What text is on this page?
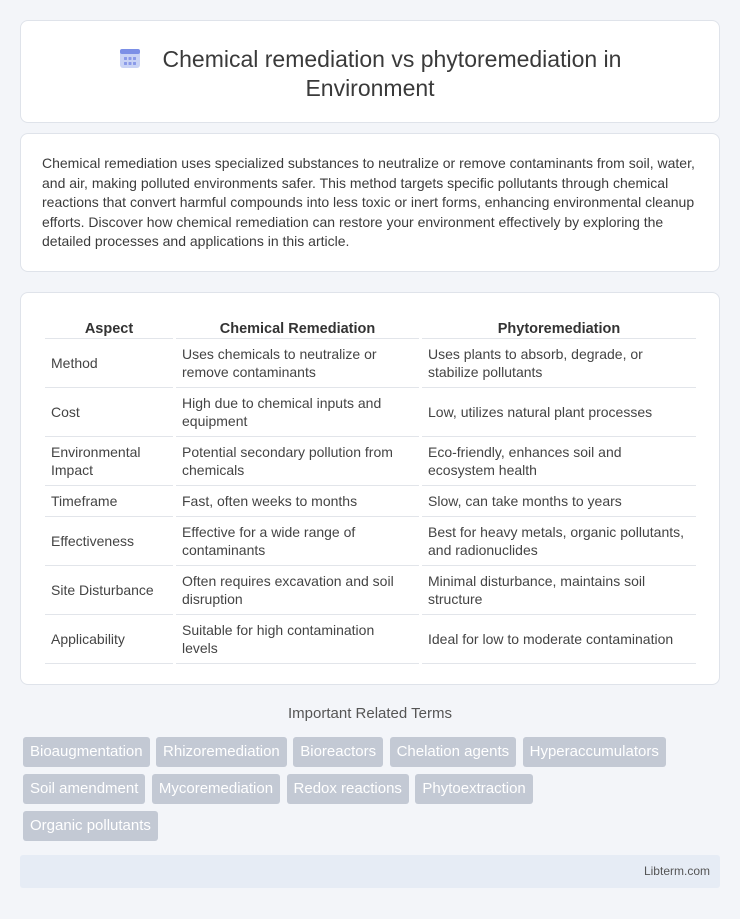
Chemical remediation vs phytoremediation in
Environment

Chemical remediation uses specialized substances to neutralize or remove contaminants from soil, water, and air, making polluted environments safer. This method targets specific pollutants through chemical reactions that convert harmful compounds into less toxic or inert forms, enhancing environmental cleanup efforts. Discover how chemical remediation can restore your environment effectively by exploring the detailed processes and applications in this article.

Aspect	Chemical Remediation	Phytoremediation
Method	Uses chemicals to neutralize or remove contaminants	Uses plants to absorb, degrade, or stabilize pollutants
Cost	High due to chemical inputs and equipment	Low, utilizes natural plant processes
Environmental Impact	Potential secondary pollution from chemicals	Eco-friendly, enhances soil and ecosystem health
Timeframe	Fast, often weeks to months	Slow, can take months to years
Effectiveness	Effective for a wide range of contaminants	Best for heavy metals, organic pollutants, and radionuclides
Site Disturbance	Often requires excavation and soil disruption	Minimal disturbance, maintains soil structure
Applicability	Suitable for high contamination levels	Ideal for low to moderate contamination
Important Related Terms
Bioaugmentation Rhizoremediation Bioreactors Chelation agents Hyperaccumulators
Soil amendment Mycoremediation Redox reactions Phytoextraction
Organic pollutants
Libterm.com
